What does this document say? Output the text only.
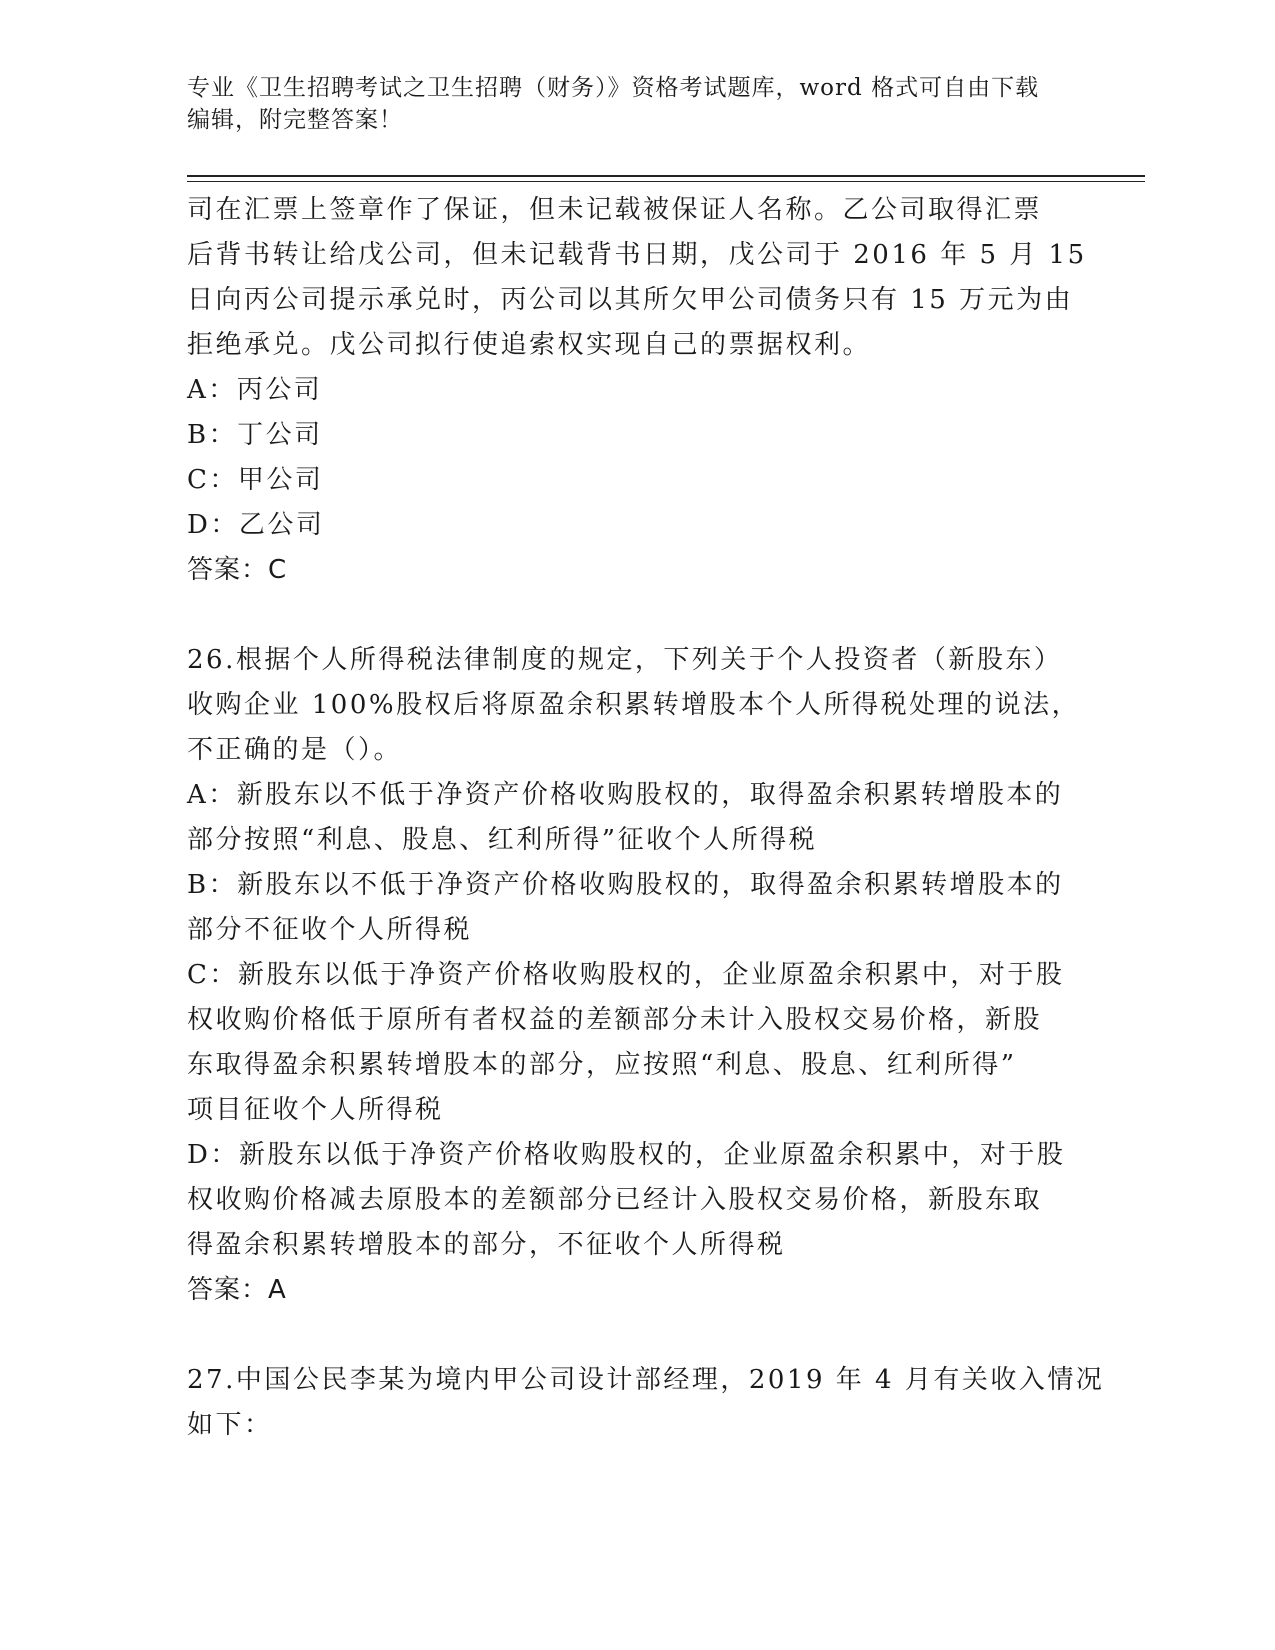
专业《卫生招聘考试之卫生招聘（财务）》资格考试题库，word 格式可自由下载
编辑，附完整答案！
司在汇票上签章作了保证，但未记载被保证人名称。乙公司取得汇票
后背书转让给戊公司，但未记载背书日期，戊公司于 2016 年 5 月 15
日向丙公司提示承兑时，丙公司以其所欠甲公司债务只有 15 万元为由
拒绝承兑。戊公司拟行使追索权实现自己的票据权利。
A：丙公司
B：丁公司
C：甲公司
D：乙公司
答案：C
26.根据个人所得税法律制度的规定，下列关于个人投资者（新股东）
收购企业 100%股权后将原盈余积累转增股本个人所得税处理的说法，
不正确的是（）。
A：新股东以不低于净资产价格收购股权的，取得盈余积累转增股本的
部分按照“利息、股息、红利所得”征收个人所得税
B：新股东以不低于净资产价格收购股权的，取得盈余积累转增股本的
部分不征收个人所得税
C：新股东以低于净资产价格收购股权的，企业原盈余积累中，对于股
权收购价格低于原所有者权益的差额部分未计入股权交易价格，新股
东取得盈余积累转增股本的部分，应按照“利息、股息、红利所得”
项目征收个人所得税
D：新股东以低于净资产价格收购股权的，企业原盈余积累中，对于股
权收购价格减去原股本的差额部分已经计入股权交易价格，新股东取
得盈余积累转增股本的部分，不征收个人所得税
答案：A
27.中国公民李某为境内甲公司设计部经理，2019 年 4 月有关收入情况
如下：
